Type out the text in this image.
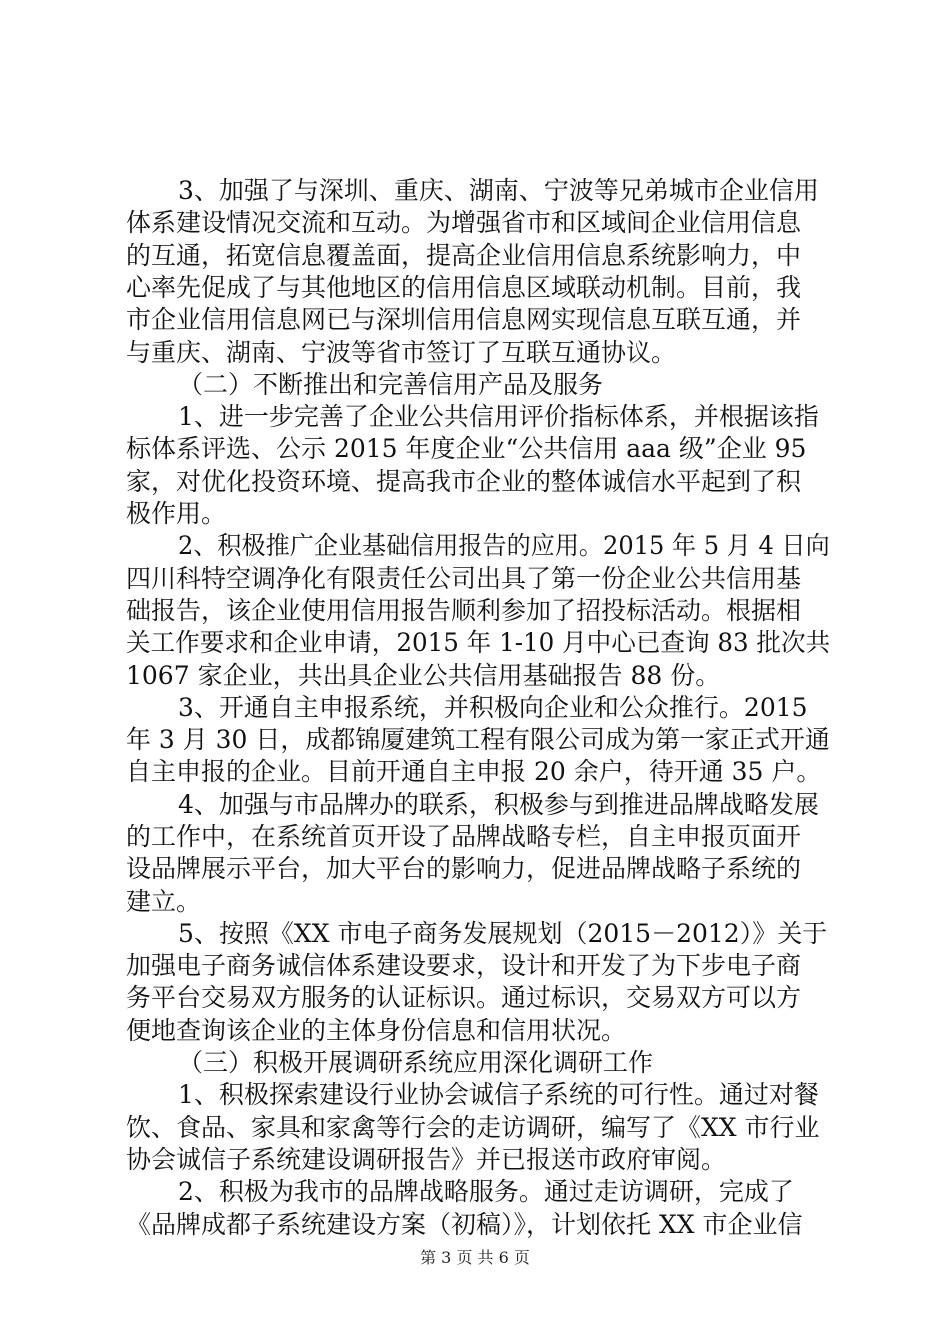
3、加强了与深圳、重庆、湖南、宁波等兄弟城市企业信用
体系建设情况交流和互动。为增强省市和区域间企业信用信息
的互通，拓宽信息覆盖面，提高企业信用信息系统影响力，中
心率先促成了与其他地区的信用信息区域联动机制。目前，我
市企业信用信息网已与深圳信用信息网实现信息互联互通，并
与重庆、湖南、宁波等省市签订了互联互通协议。
（二）不断推出和完善信用产品及服务
1、进一步完善了企业公共信用评价指标体系，并根据该指
标体系评选、公示 2015 年度企业“公共信用 aaa 级”企业 95
家，对优化投资环境、提高我市企业的整体诚信水平起到了积
极作用。
2、积极推广企业基础信用报告的应用。2015 年 5 月 4 日向
四川科特空调净化有限责任公司出具了第一份企业公共信用基
础报告，该企业使用信用报告顺利参加了招投标活动。根据相
关工作要求和企业申请，2015 年 1-10 月中心已查询 83 批次共
1067 家企业，共出具企业公共信用基础报告 88 份。
3、开通自主申报系统，并积极向企业和公众推行。2015
年 3 月 30 日，成都锦厦建筑工程有限公司成为第一家正式开通
自主申报的企业。目前开通自主申报 20 余户，待开通 35 户。
4、加强与市品牌办的联系，积极参与到推进品牌战略发展
的工作中，在系统首页开设了品牌战略专栏，自主申报页面开
设品牌展示平台，加大平台的影响力，促进品牌战略子系统的
建立。
5、按照《XX 市电子商务发展规划（2015－2012）》关于
加强电子商务诚信体系建设要求，设计和开发了为下步电子商
务平台交易双方服务的认证标识。通过标识，交易双方可以方
便地查询该企业的主体身份信息和信用状况。
（三）积极开展调研系统应用深化调研工作
1、积极探索建设行业协会诚信子系统的可行性。通过对餐
饮、食品、家具和家禽等行会的走访调研，编写了《XX 市行业
协会诚信子系统建设调研报告》并已报送市政府审阅。
2、积极为我市的品牌战略服务。通过走访调研，完成了
《品牌成都子系统建设方案（初稿）》，计划依托 XX 市企业信
第 3 页 共 6 页
